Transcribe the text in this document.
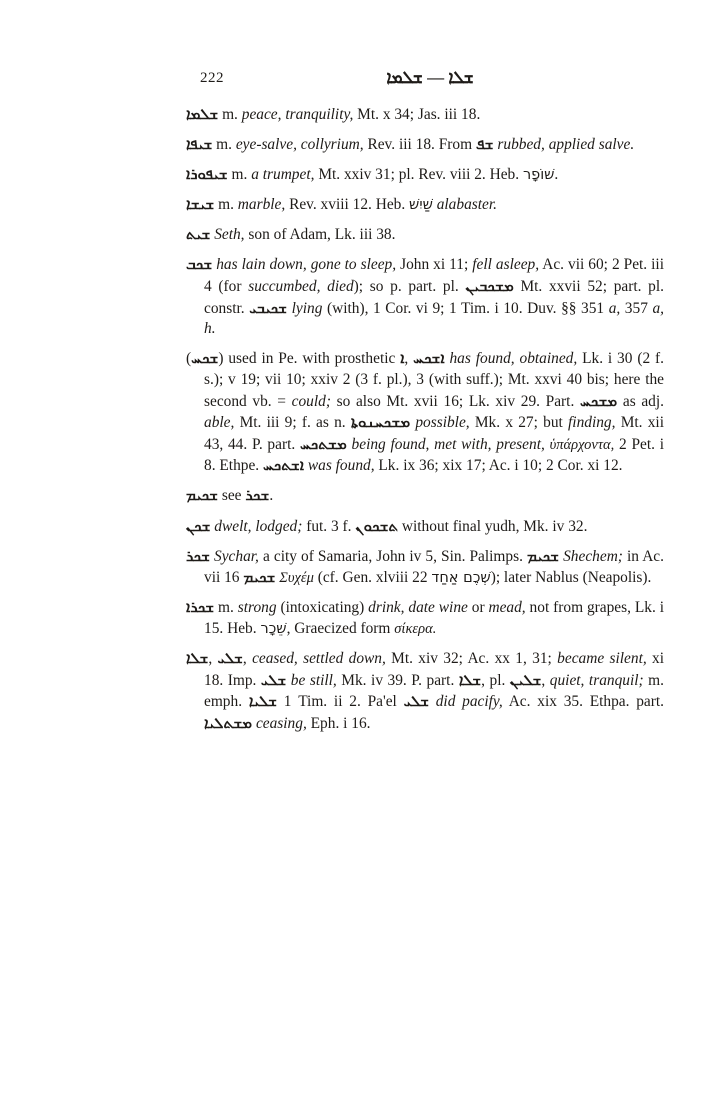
222	ܫܠܐ — ܫܠܡܐ

ܫܠܡܐ m. peace, tranquility, Mt. x 34; Jas. iii 18.

ܫܝܦܐ m. eye-salve, collyrium, Rev. iii 18. From ܫܦ rubbed, applied salve.

ܫܝܦܘܪܐ m. a trumpet, Mt. xxiv 31; pl. Rev. viii 2. Heb. שׁוֹפָר.

ܫܝܫܐ m. marble, Rev. xviii 12. Heb. שַׁיִשׁ alabaster.

ܫܝܬ Seth, son of Adam, Lk. iii 38.

ܫܟܒ has lain down, gone to sleep, John xi 11; fell asleep, Ac. vii 60; 2 Pet. iii 4 (for succumbed, died); so p. part. pl. ܡܫܟܒܝܢ Mt. xxvii 52; part. pl. constr. ܫܟܝܒܝ lying (with), 1 Cor. vi 9; 1 Tim. i 10. Duv. §§ 351 a, 357 a, h.

(ܫܟܚ) used in Pe. with prosthetic ܐ, ܐܫܟܚ has found, obtained, Lk. i 30 (2 f. s.); v 19; vii 10; xxiv 2 (3 f. pl.), 3 (with suff.); Mt. xxvi 40 bis; here the second vb. = could; so also Mt. xvii 16; Lk. xiv 29. Part. ܡܫܟܚ as adj. able, Mt. iii 9; f. as n. ܡܫܟܚܢܘܬܐ possible, Mk. x 27; but finding, Mt. xii 43, 44. P. part. ܡܫܬܟܚ being found, met with, present, ὑπάρχοντα, 2 Pet. i 8. Ethpe. ܐܫܬܟܚ was found, Lk. ix 36; xix 17; Ac. i 10; 2 Cor. xi 12.

ܫܟܝܡ see ܫܟܪ.

ܫܟܢ dwelt, lodged; fut. 3 f. ܬܫܟܘܢ without final yudh, Mk. iv 32.

ܫܟܪ Sychar, a city of Samaria, John iv 5, Sin. Palimps. ܫܟܝܡ Shechem; in Ac. vii 16 ܫܟܝܡ Συχέμ (cf. Gen. xlviii 22 שְׁכֶם אַחַד); later Nablus (Neapolis).

ܫܟܪܐ m. strong (intoxicating) drink, date wine or mead, not from grapes, Lk. i 15. Heb. שֵׁכָר, Graecized form σίκερα.

ܫܠܐ, ܫܠܝ, ceased, settled down, Mt. xiv 32; Ac. xx 1, 31; became silent, xi 18. Imp. ܫܠܝ be still, Mk. iv 39. P. part. ܫܠܐ, pl. ܫܠܝܢ, quiet, tranquil; m. emph. ܫܠܝܐ 1 Tim. ii 2. Pa'el ܫܠܝ did pacify, Ac. xix 35. Ethpa. part. ܡܫܬܠܝܐ ceasing, Eph. i 16.
